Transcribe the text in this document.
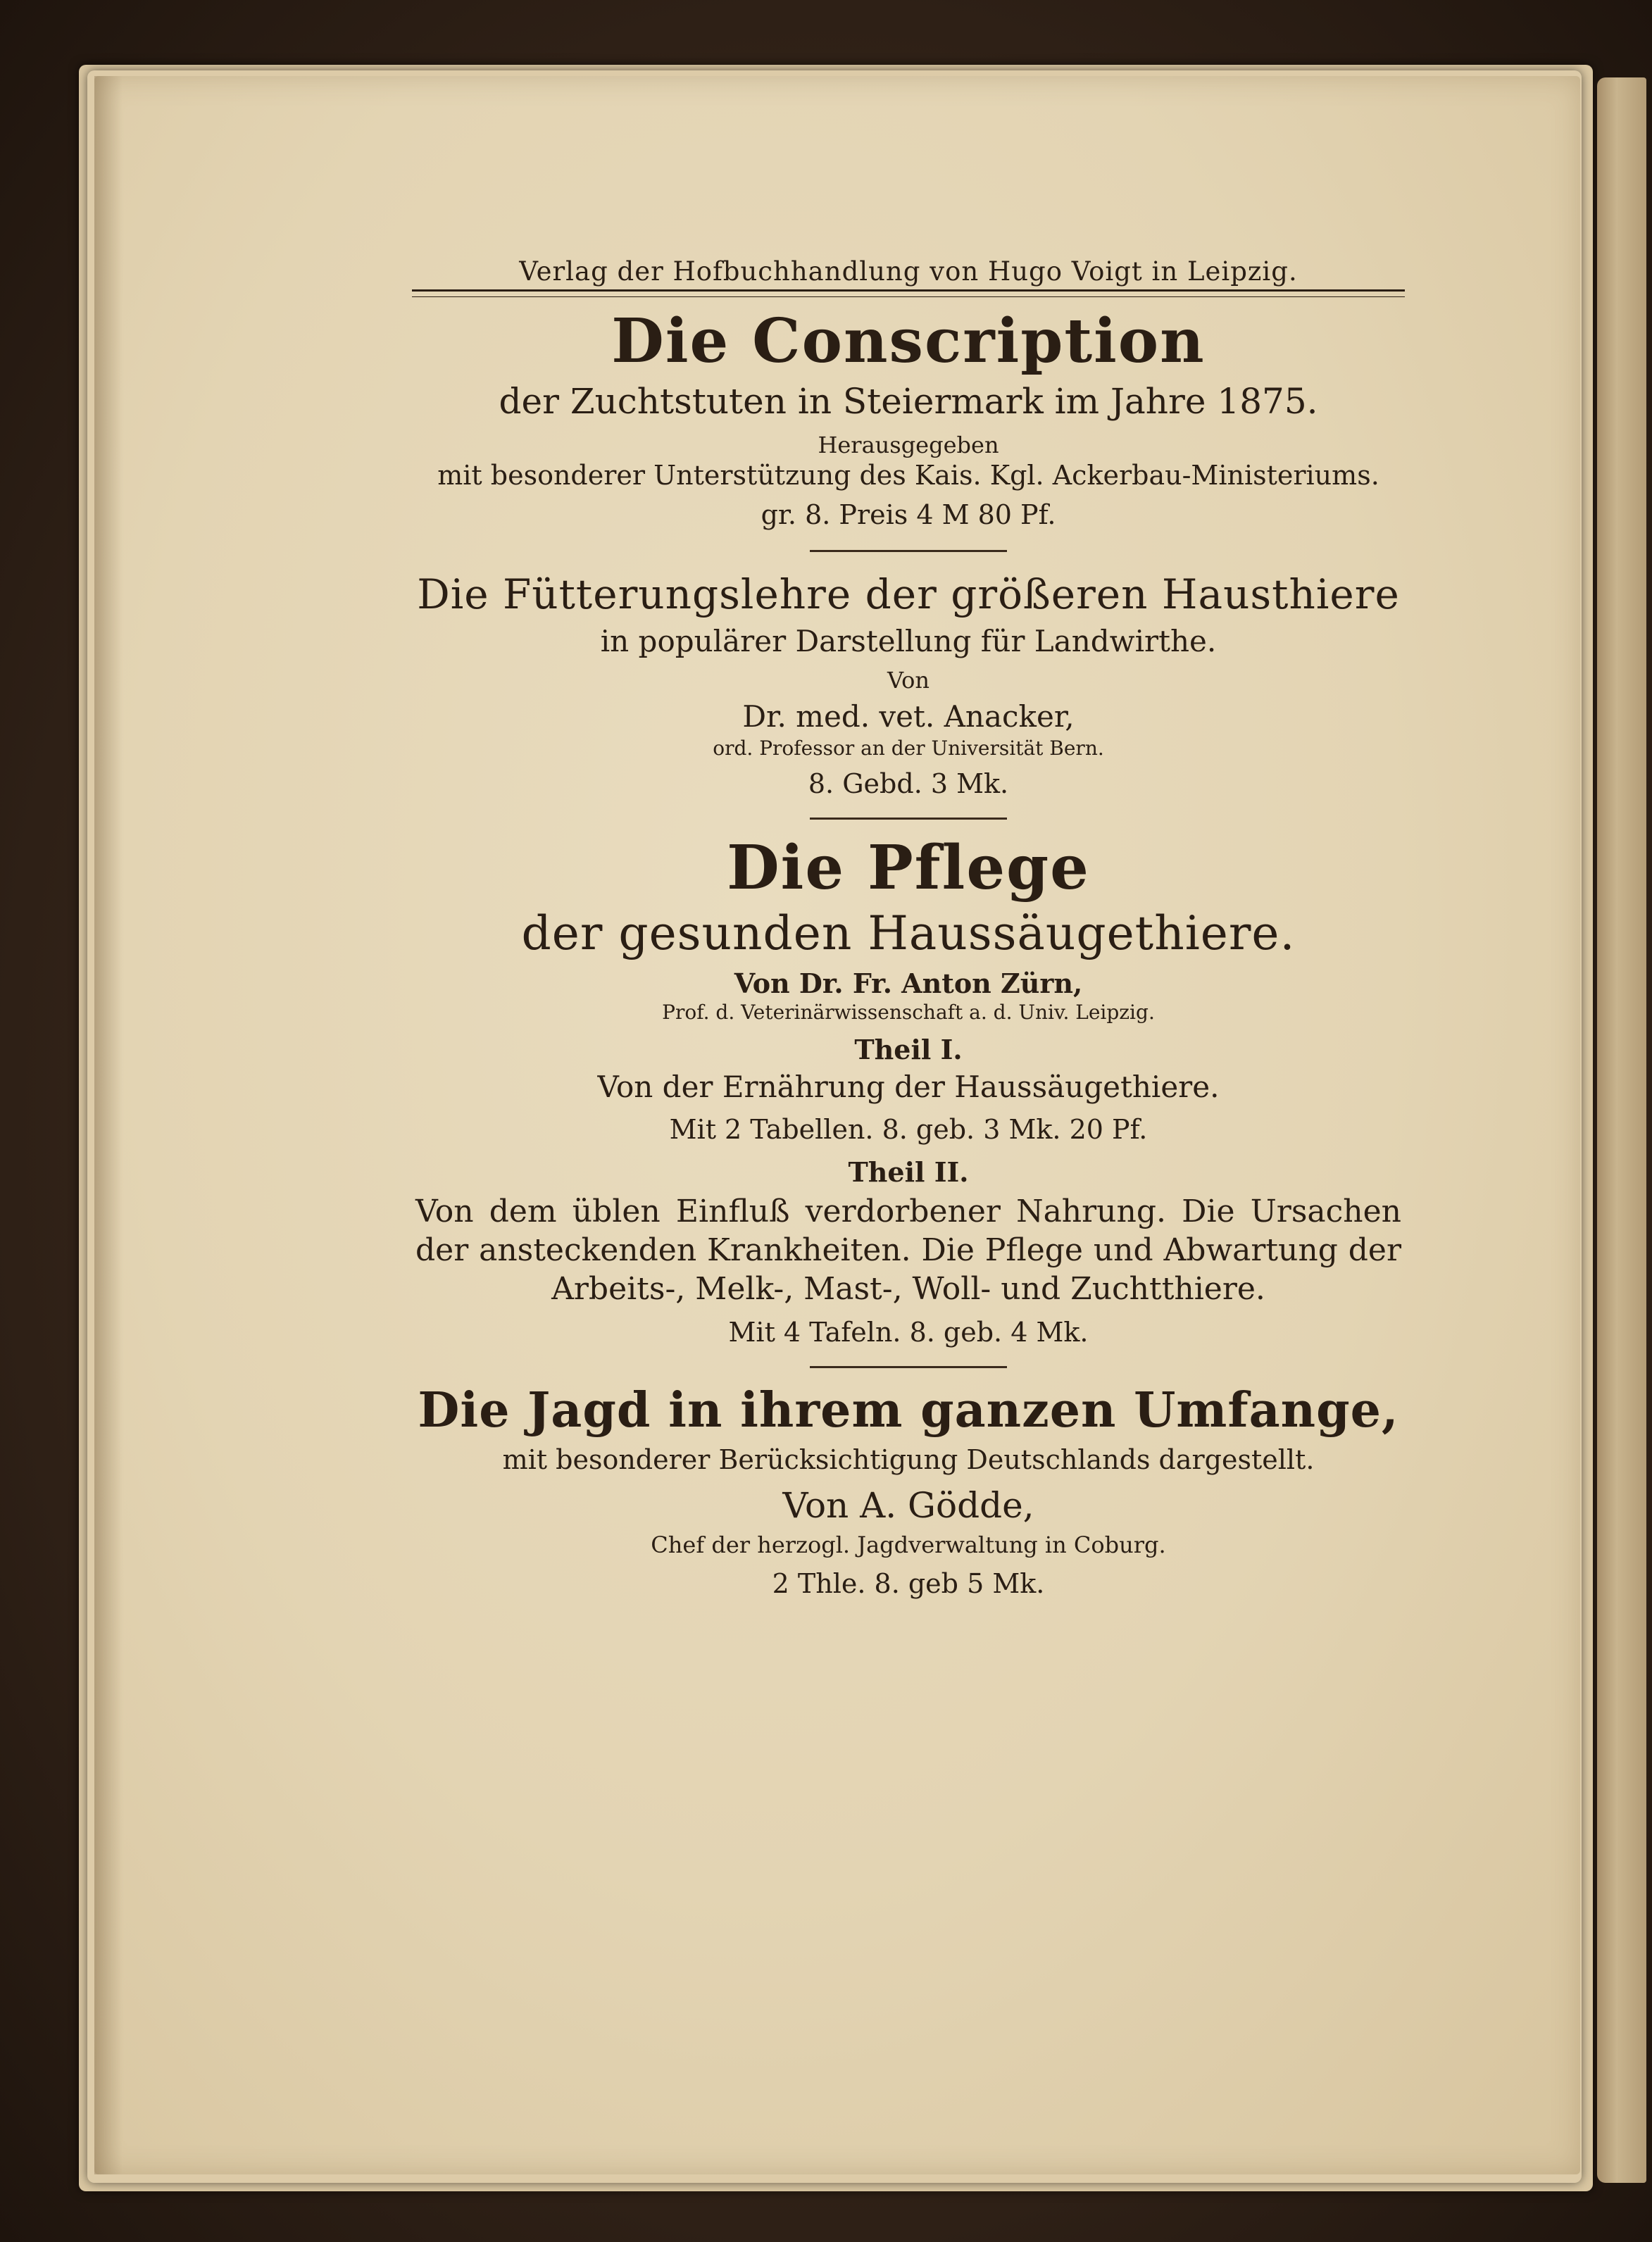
Verlag der Hofbuchhandlung von Hugo Voigt in Leipzig.
Die Conscription
der Zuchtstuten in Steiermark im Jahre 1875.
Herausgegeben
mit besonderer Unterstützung des Kais. Kgl. Ackerbau-Ministeriums.
gr. 8. Preis 4 M 80 Pf.
Die Fütterungslehre der größeren Hausthiere
in populärer Darstellung für Landwirthe.
Von
Dr. med. vet. Anacker,
ord. Professor an der Universität Bern.
8. Gebd. 3 Mk.
Die Pflege
der gesunden Haussäugethiere.
Von Dr. Fr. Anton Zürn,
Prof. d. Veterinärwissenschaft a. d. Univ. Leipzig.
Theil I.
Von der Ernährung der Haussäugethiere.
Mit 2 Tabellen. 8. geb. 3 Mk. 20 Pf.
Theil II.
Von dem üblen Einfluß verdorbener Nahrung. Die Ursachen
der ansteckenden Krankheiten. Die Pflege und Abwartung der
Arbeits-, Melk-, Mast-, Woll- und Zuchtthiere.
Mit 4 Tafeln. 8. geb. 4 Mk.
Die Jagd in ihrem ganzen Umfange,
mit besonderer Berücksichtigung Deutschlands dargestellt.
Von A. Gödde,
Chef der herzogl. Jagdverwaltung in Coburg.
2 Thle. 8. geb 5 Mk.
